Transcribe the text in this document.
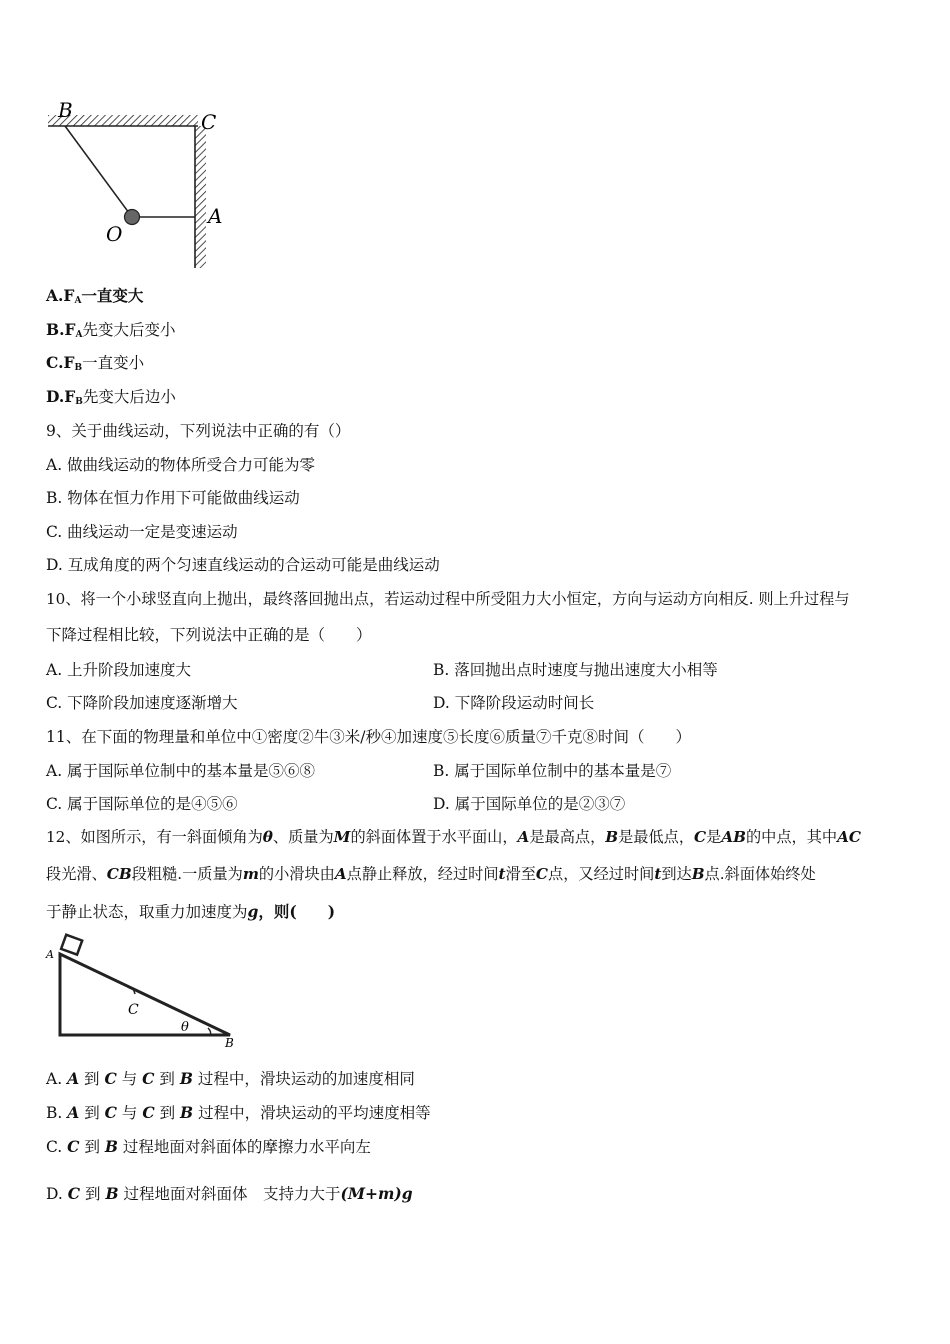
B	C
O
A
$A.F_A$一直变大
$B.F_A$先变大后变小
$C.F_B$一直变小
$D.F_B$先变大后边小
9、关于曲线运动，下列说法中正确的有（）
A. 做曲线运动的物体所受合力可能为零
B. 物体在恒力作用下可能做曲线运动
C. 曲线运动一定是变速运动
D. 互成角度的两个匀速直线运动的合运动可能是曲线运动
10、将一个小球竖直向上抛出，最终落回抛出点，若运动过程中所受阻力大小恒定，方向与运动方向相反. 则上升过程与
下降过程相比较，下列说法中正确的是（　　）
A. 上升阶段加速度大	B. 落回抛出点时速度与抛出速度大小相等
C. 下降阶段加速度逐渐增大	D. 下降阶段运动时间长
11、在下面的物理量和单位中①密度②牛③米/秒④加速度⑤长度⑥质量⑦千克⑧时间（　　）
A. 属于国际单位制中的基本量是⑤⑥⑧	B. 属于国际单位制中的基本量是⑦
C. 属于国际单位的是④⑤⑥	D. 属于国际单位的是②③⑦
12、如图所示，有一斜面倾角为θ、质量为M的斜面体置于水平面山，A是最高点，B是最低点，C是AB的中点，其中AC
段光滑、CB段粗糙.一质量为m的小滑块由A点静止释放，经过时间t滑至C点，又经过时间t到达B点.斜面体始终处
于静止状态，取重力加速度为g，则(　　)
A
C
θ
B
A. A 到 C 与 C 到 B 过程中，滑块运动的加速度相同
B. A 到 C 与 C 到 B 过程中，滑块运动的平均速度相等
C. C 到 B 过程地面对斜面体的摩擦力水平向左
D. C 到 B 过程地面对斜面体　支持力大于(M+m)g
